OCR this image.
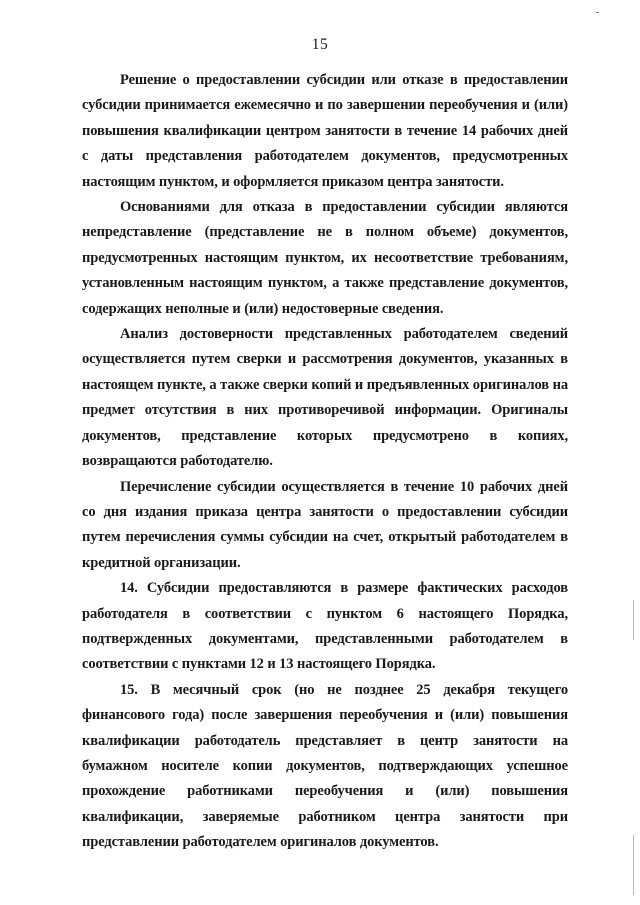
15

Решение о предоставлении субсидии или отказе в предоставлении субсидии принимается ежемесячно и по завершении переобучения и (или) повышения квалификации центром занятости в течение 14 рабочих дней с даты представления работодателем документов, предусмотренных настоящим пунктом, и оформляется приказом центра занятости.

Основаниями для отказа в предоставлении субсидии являются непредставление (представление не в полном объеме) документов, предусмотренных настоящим пунктом, их несоответствие требованиям, установленным настоящим пунктом, а также представление документов, содержащих неполные и (или) недостоверные сведения.

Анализ достоверности представленных работодателем сведений осуществляется путем сверки и рассмотрения документов, указанных в настоящем пункте, а также сверки копий и предъявленных оригиналов на предмет отсутствия в них противоречивой информации. Оригиналы документов, представление которых предусмотрено в копиях, возвращаются работодателю.

Перечисление субсидии осуществляется в течение 10 рабочих дней со дня издания приказа центра занятости о предоставлении субсидии путем перечисления суммы субсидии на счет, открытый работодателем в кредитной организации.

14. Субсидии предоставляются в размере фактических расходов работодателя в соответствии с пунктом 6 настоящего Порядка, подтвержденных документами, представленными работодателем в соответствии с пунктами 12 и 13 настоящего Порядка.

15. В месячный срок (но не позднее 25 декабря текущего финансового года) после завершения переобучения и (или) повышения квалификации работодатель представляет в центр занятости на бумажном носителе копии документов, подтверждающих успешное прохождение работниками переобучения и (или) повышения квалификации, заверяемые работником центра занятости при представлении работодателем оригиналов документов.
